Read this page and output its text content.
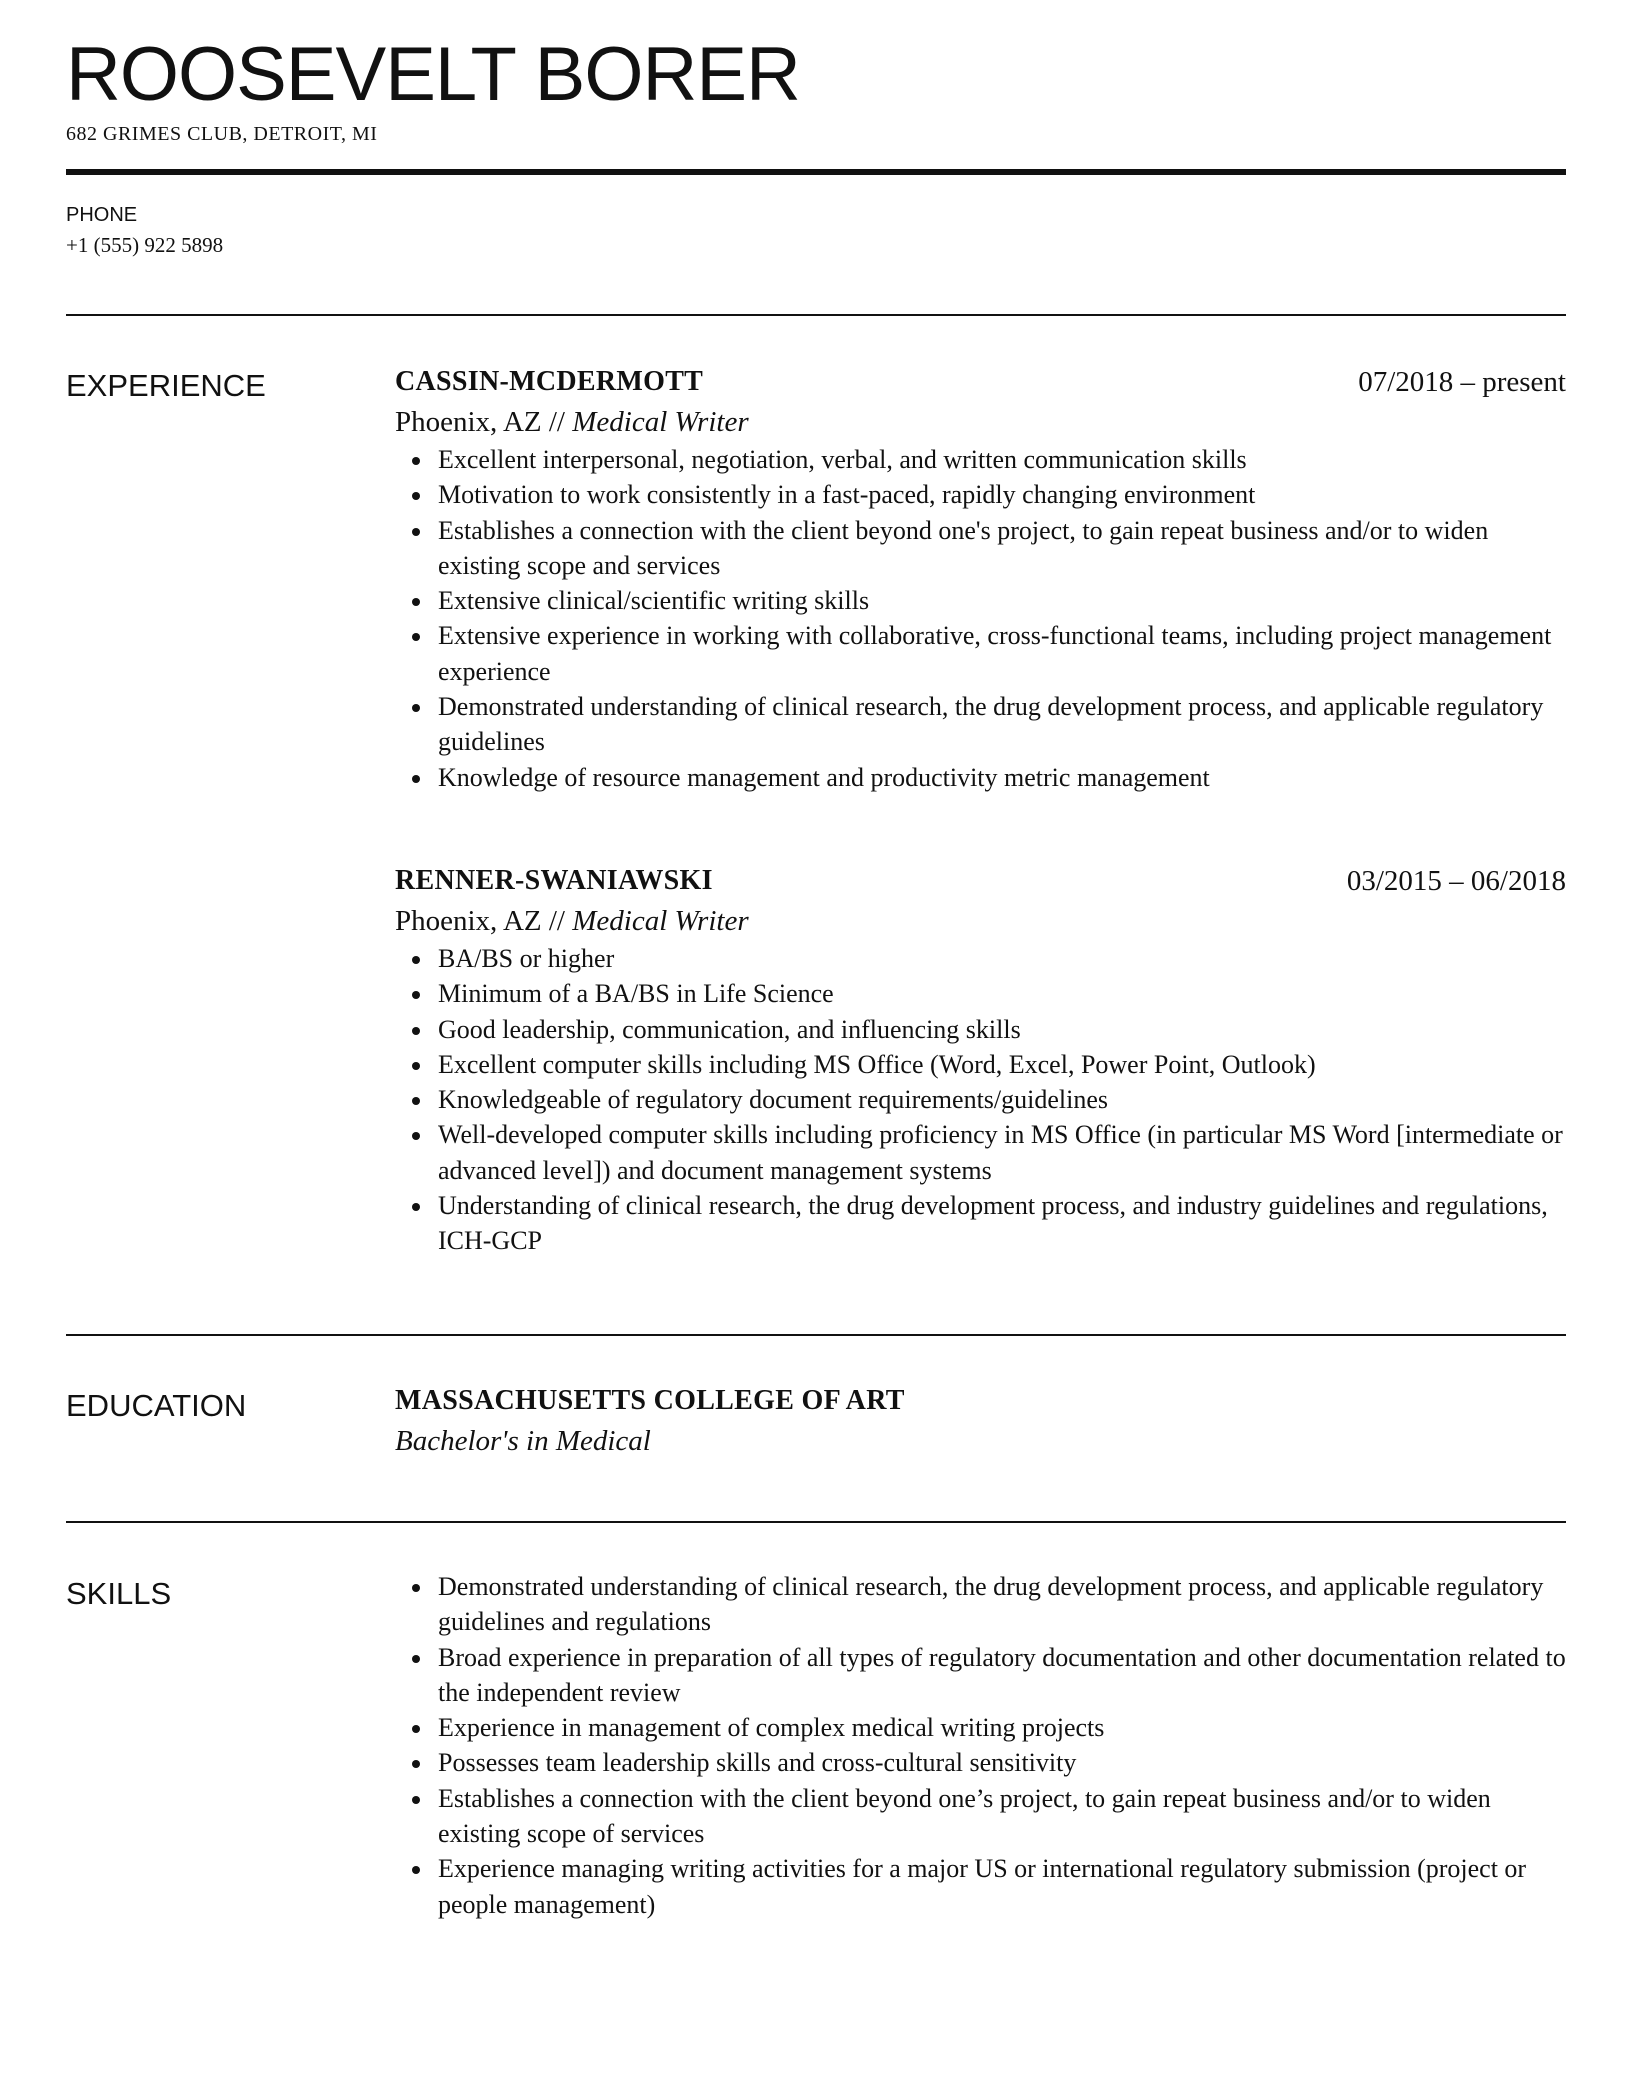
ROOSEVELT BORER
682 GRIMES CLUB, DETROIT, MI
PHONE
+1 (555) 922 5898
EXPERIENCE	CASSIN-MCDERMOTT	07/2018 – present
Phoenix, AZ // Medical Writer
Excellent interpersonal, negotiation, verbal, and written communication skills
Motivation to work consistently in a fast-paced, rapidly changing environment
Establishes a connection with the client beyond one's project, to gain repeat business and/or to widen existing scope and services
Extensive clinical/scientific writing skills
Extensive experience in working with collaborative, cross-functional teams, including project management experience
Demonstrated understanding of clinical research, the drug development process, and applicable regulatory guidelines
Knowledge of resource management and productivity metric management
RENNER-SWANIAWSKI	03/2015 – 06/2018
Phoenix, AZ // Medical Writer
BA/BS or higher
Minimum of a BA/BS in Life Science
Good leadership, communication, and influencing skills
Excellent computer skills including MS Office (Word, Excel, Power Point, Outlook)
Knowledgeable of regulatory document requirements/guidelines
Well-developed computer skills including proficiency in MS Office (in particular MS Word [intermediate or advanced level]) and document management systems
Understanding of clinical research, the drug development process, and industry guidelines and regulations, ICH-GCP
EDUCATION	MASSACHUSETTS COLLEGE OF ART
Bachelor's in Medical
SKILLS	Demonstrated understanding of clinical research, the drug development process, and applicable regulatory guidelines and regulations
Broad experience in preparation of all types of regulatory documentation and other documentation related to the independent review
Experience in management of complex medical writing projects
Possesses team leadership skills and cross-cultural sensitivity
Establishes a connection with the client beyond one’s project, to gain repeat business and/or to widen existing scope of services
Experience managing writing activities for a major US or international regulatory submission (project or people management)
